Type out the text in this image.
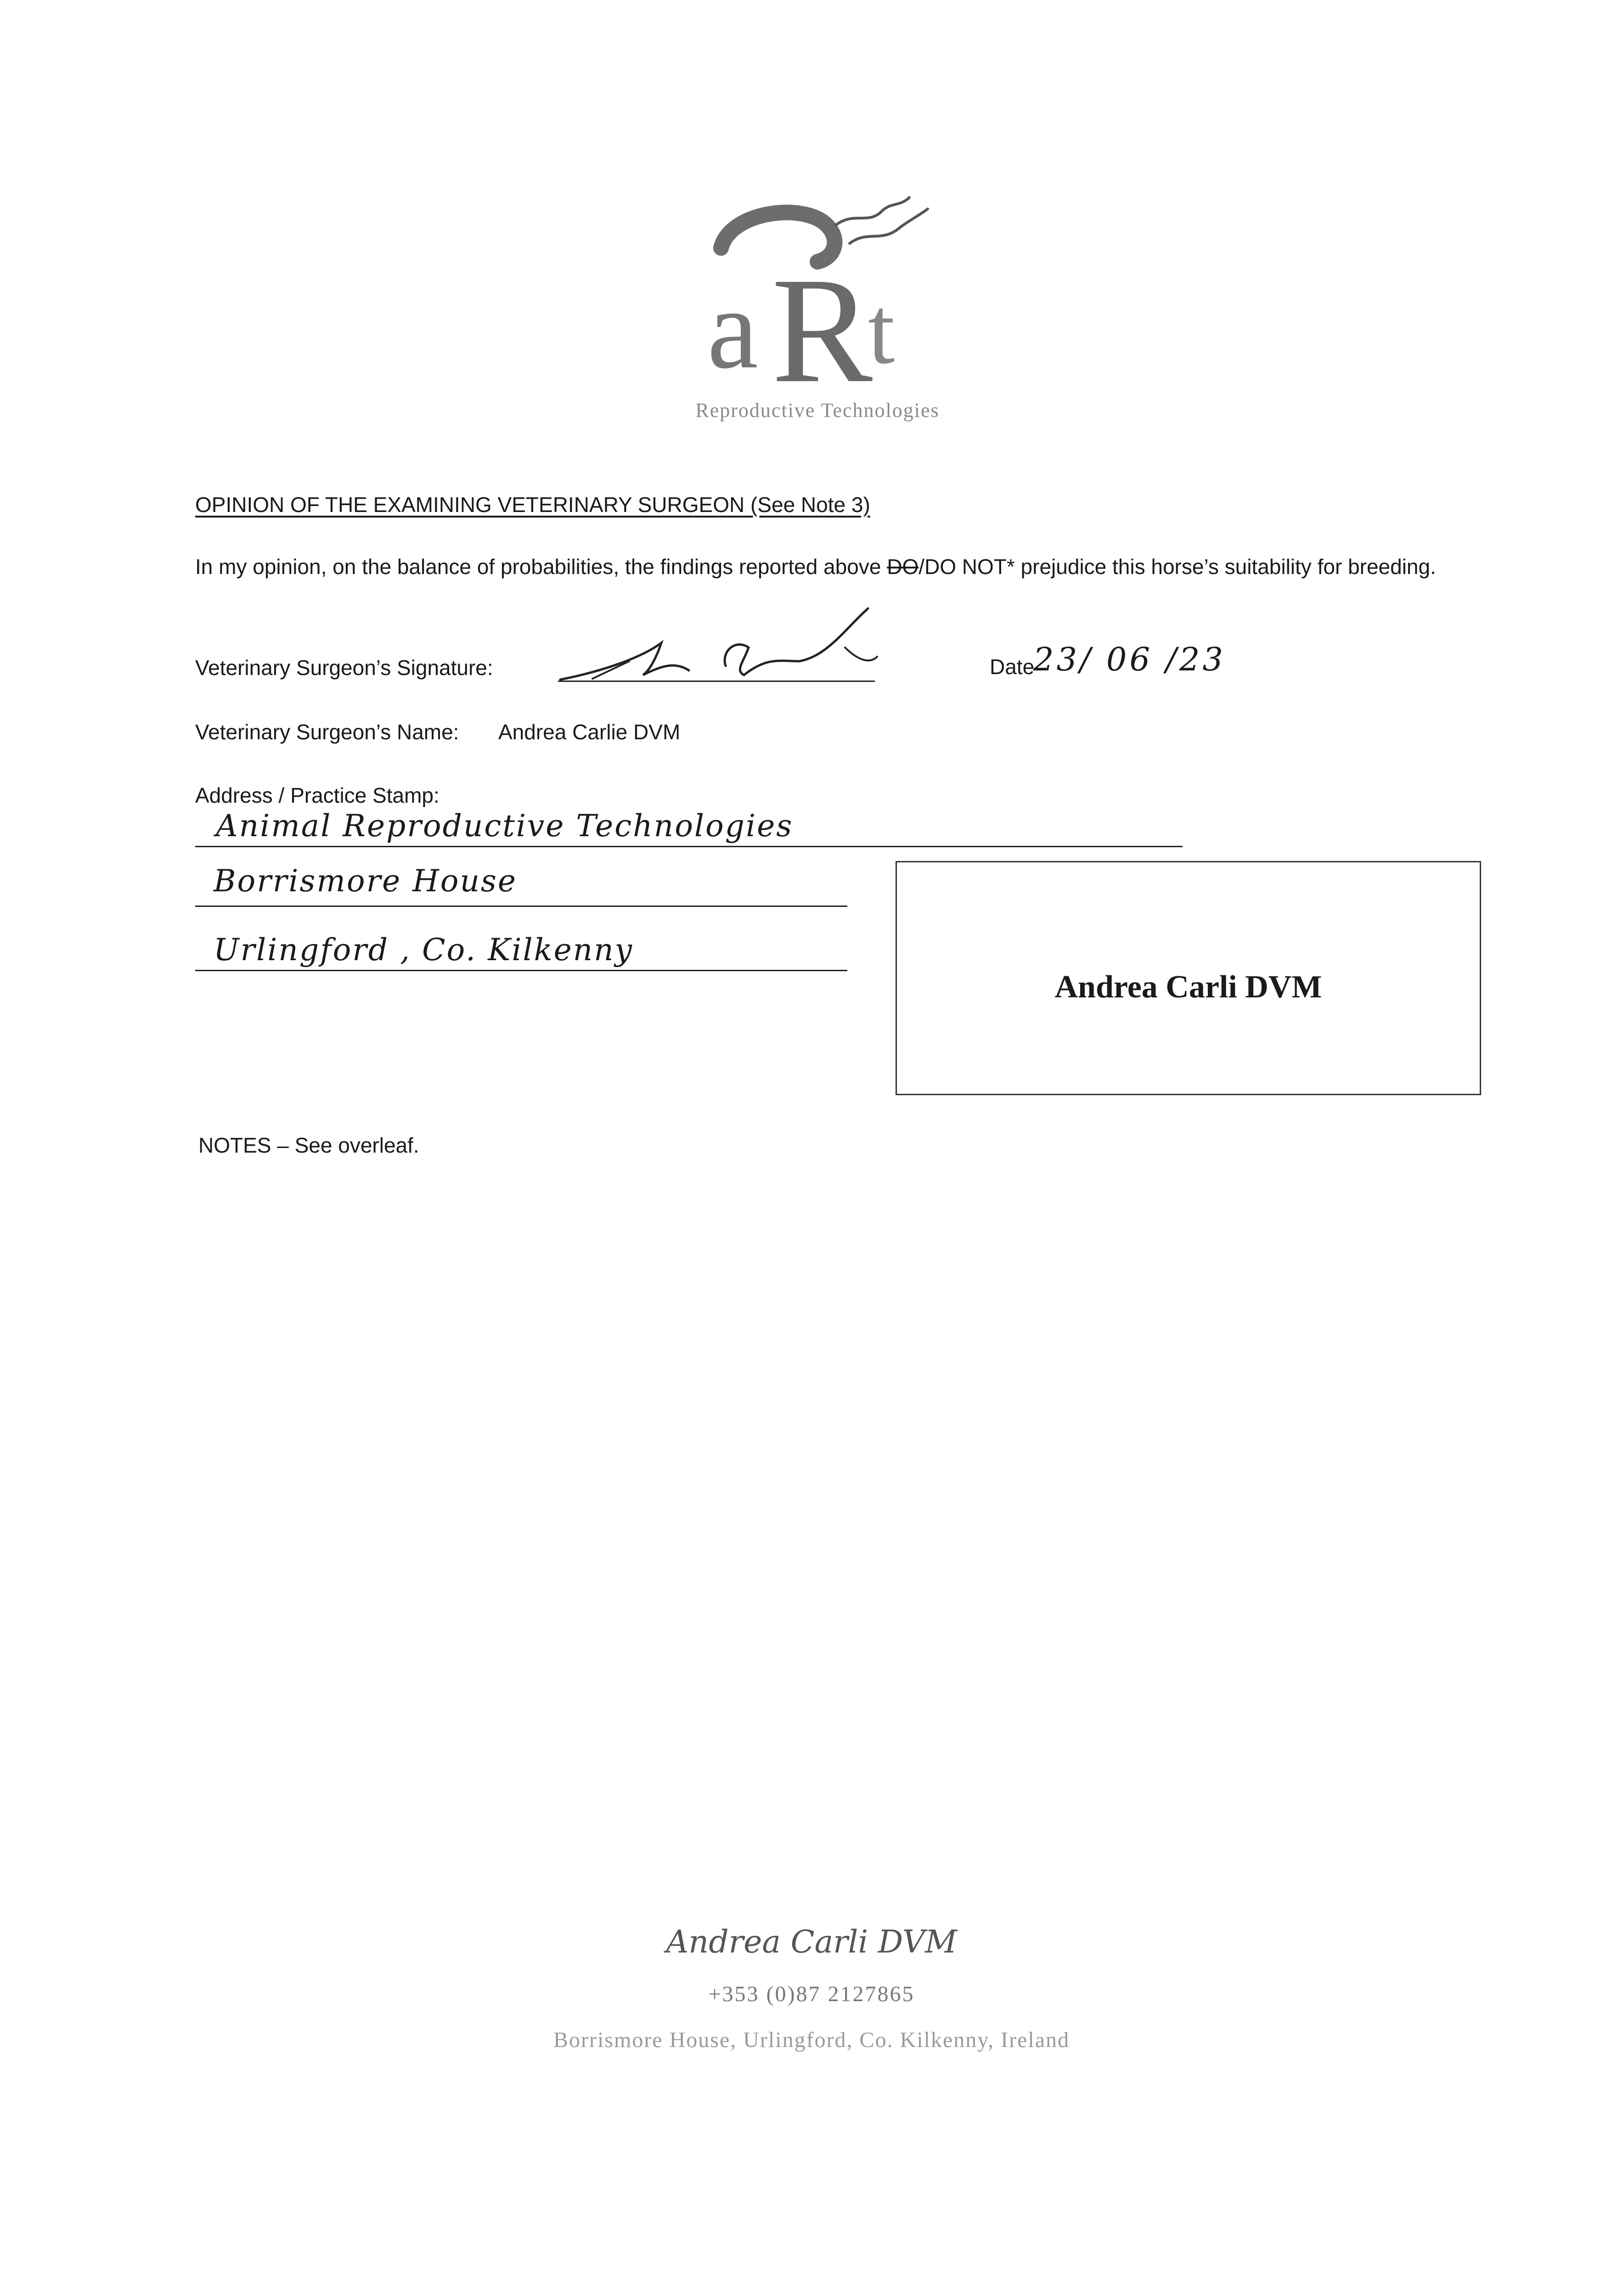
a R
t
Reproductive Technologies
OPINION OF THE EXAMINING VETERINARY SURGEON (See Note 3)
In my opinion, on the balance of probabilities, the findings reported above DO/DO NOT* prejudice this horse’s suitability for breeding.
Veterinary Surgeon’s Signature:	Date
23/ 06 /23
Veterinary Surgeon’s Name: Andrea Carlie DVM
Address / Practice Stamp:
Animal Reproductive Technologies
Borrismore House
Urlingford , Co. Kilkenny
Andrea Carli DVM
NOTES – See overleaf.
Andrea Carli DVM
+353 (0)87 2127865
Borrismore House, Urlingford, Co. Kilkenny, Ireland
